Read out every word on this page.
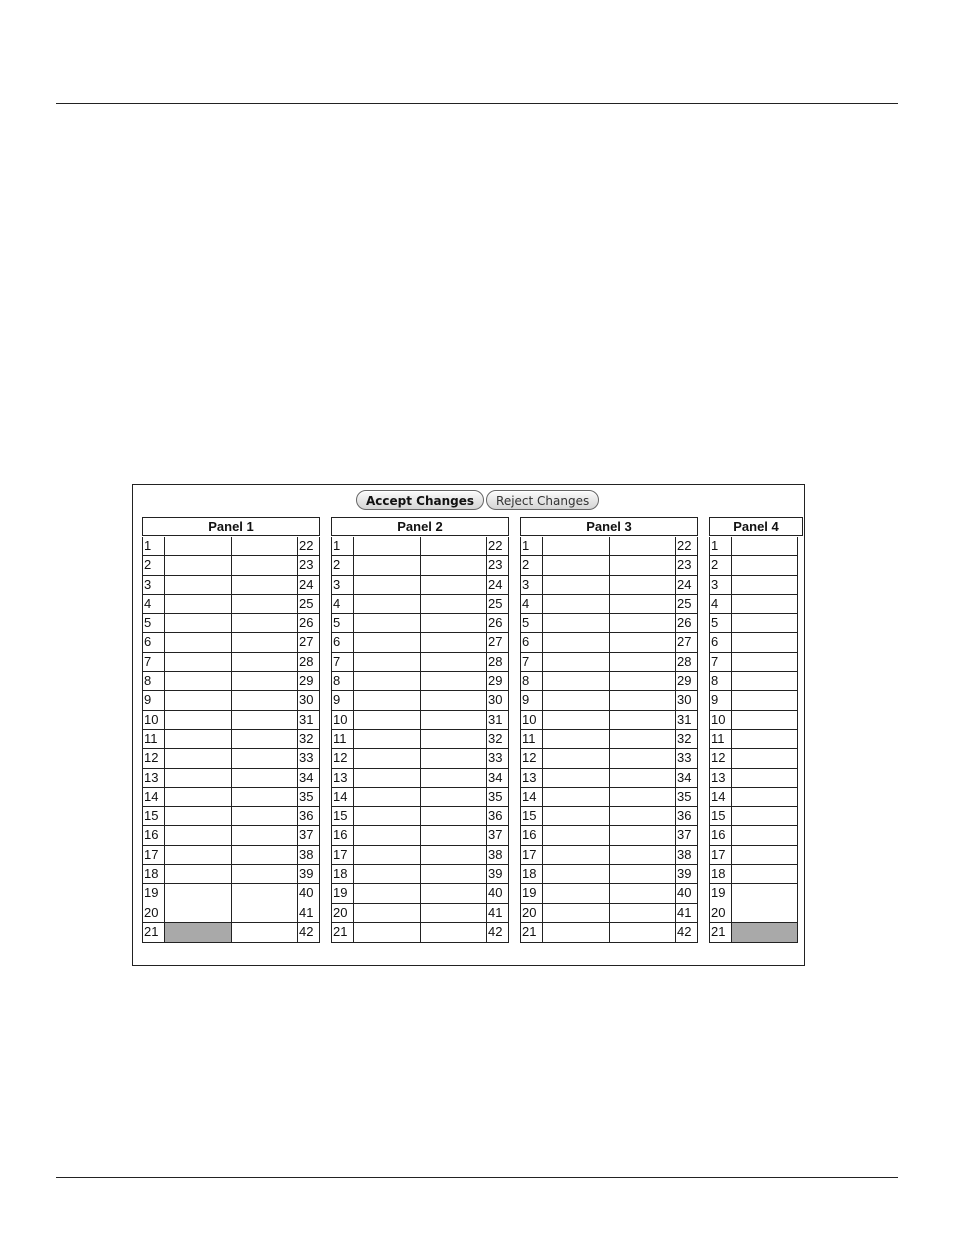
Accept Changes	Reject Changes
Panel 1
1	22
2	23
3	24
4	25
5	26
6	27
7	28
8	29
9	30
10	31
11	32
12	33
13	34
14	35
15	36
16	37
17	38
18	39
19	40
20	41
21	42
Panel 2
1	22
2	23
3	24
4	25
5	26
6	27
7	28
8	29
9	30
10	31
11	32
12	33
13	34
14	35
15	36
16	37
17	38
18	39
19	40
20	41
21	42
Panel 3
1	22
2	23
3	24
4	25
5	26
6	27
7	28
8	29
9	30
10	31
11	32
12	33
13	34
14	35
15	36
16	37
17	38
18	39
19	40
20	41
21	42
Panel 4
1
2
3
4
5
6
7
8
9
10
11
12
13
14
15
16
17
18
19
20
21
